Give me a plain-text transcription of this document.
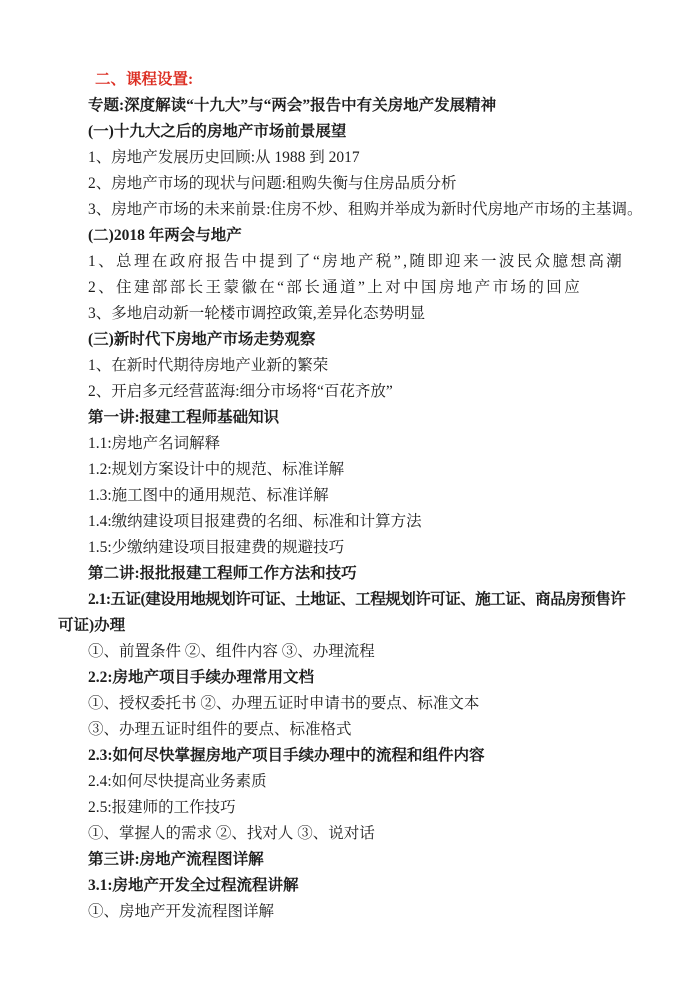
二、课程设置:
专题:深度解读“十九大”与“两会”报告中有关房地产发展精神
(一)十九大之后的房地产市场前景展望
1、房地产发展历史回顾:从 1988 到 2017
2、房地产市场的现状与问题:租购失衡与住房品质分析
3、房地产市场的未来前景:住房不炒、租购并举成为新时代房地产市场的主基调。
(二)2018 年两会与地产
1、总理在政府报告中提到了“房地产税”,随即迎来一波民众臆想高潮
2、住建部部长王蒙徽在“部长通道”上对中国房地产市场的回应
3、多地启动新一轮楼市调控政策,差异化态势明显
(三)新时代下房地产市场走势观察
1、在新时代期待房地产业新的繁荣
2、开启多元经营蓝海:细分市场将“百花齐放”
第一讲:报建工程师基础知识
1.1:房地产名词解释
1.2:规划方案设计中的规范、标准详解
1.3:施工图中的通用规范、标准详解
1.4:缴纳建设项目报建费的名细、标准和计算方法
1.5:少缴纳建设项目报建费的规避技巧
第二讲:报批报建工程师工作方法和技巧
2.1:五证(建设用地规划许可证、土地证、工程规划许可证、施工证、商品房预售许
可证)办理
①、前置条件 ②、组件内容 ③、办理流程
2.2:房地产项目手续办理常用文档
①、授权委托书 ②、办理五证时申请书的要点、标准文本
③、办理五证时组件的要点、标准格式
2.3:如何尽快掌握房地产项目手续办理中的流程和组件内容
2.4:如何尽快提高业务素质
2.5:报建师的工作技巧
①、掌握人的需求 ②、找对人 ③、说对话
第三讲:房地产流程图详解
3.1:房地产开发全过程流程讲解
①、房地产开发流程图详解
